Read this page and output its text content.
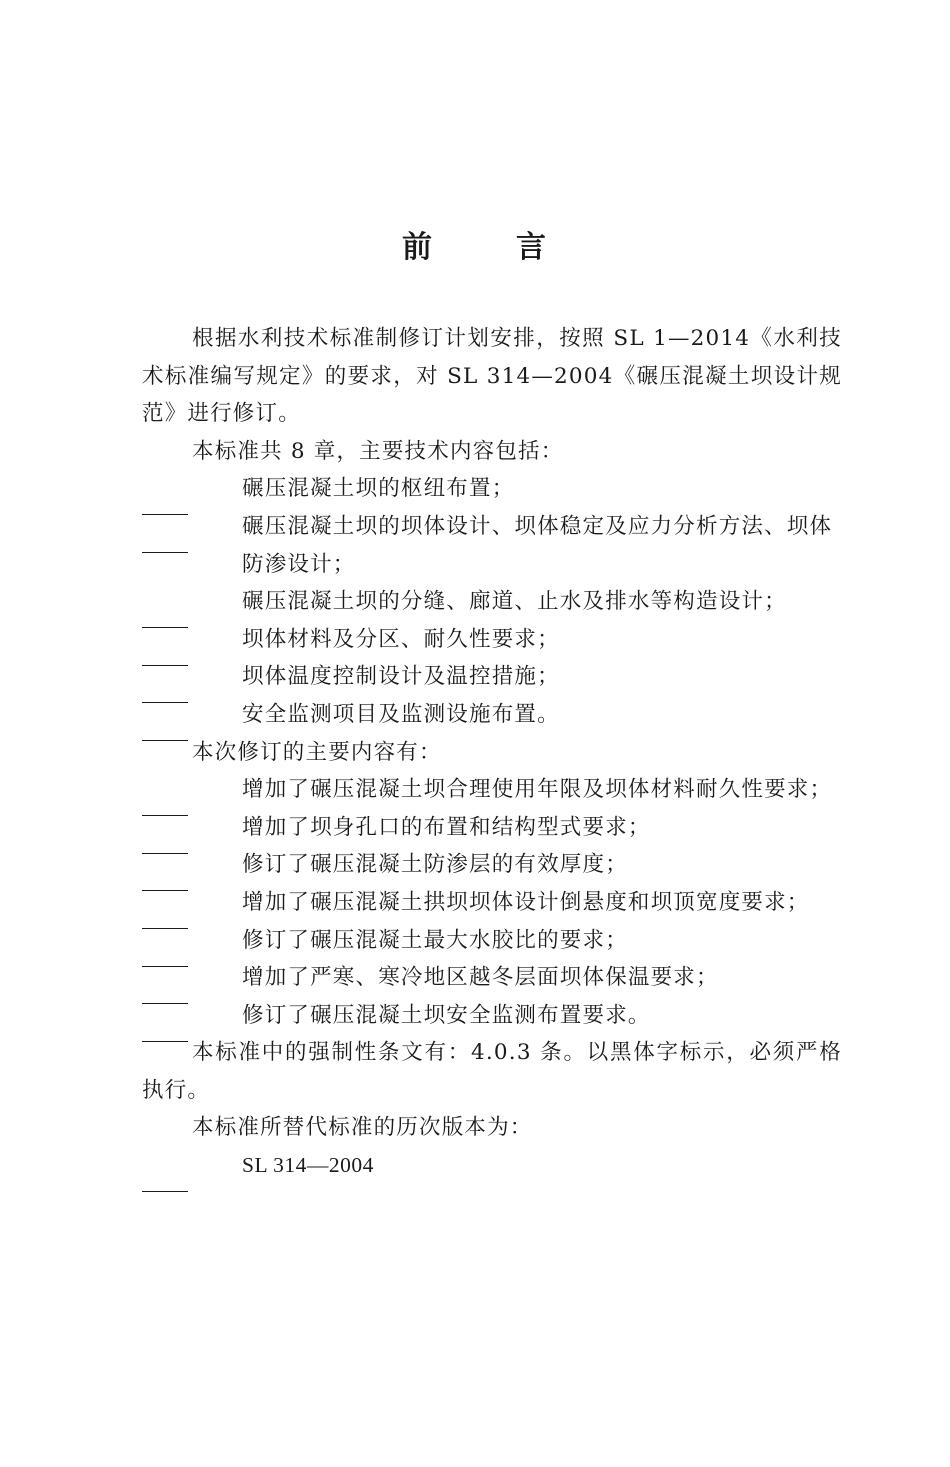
前	言

根据水利技术标准制修订计划安排，按照 SL 1—2014《水利技术标准编写规定》的要求，对 SL 314—2004《碾压混凝土坝设计规范》进行修订。

本标准共 8 章，主要技术内容包括：

碾压混凝土坝的枢纽布置；

碾压混凝土坝的坝体设计、坝体稳定及应力分析方法、坝体防渗设计；

碾压混凝土坝的分缝、廊道、止水及排水等构造设计；

坝体材料及分区、耐久性要求；

坝体温度控制设计及温控措施；

安全监测项目及监测设施布置。

本次修订的主要内容有：

增加了碾压混凝土坝合理使用年限及坝体材料耐久性要求；

增加了坝身孔口的布置和结构型式要求；

修订了碾压混凝土防渗层的有效厚度；

增加了碾压混凝土拱坝坝体设计倒悬度和坝顶宽度要求；

修订了碾压混凝土最大水胶比的要求；

增加了严寒、寒冷地区越冬层面坝体保温要求；

修订了碾压混凝土坝安全监测布置要求。

本标准中的强制性条文有：4.0.3 条。以黑体字标示，必须严格执行。

本标准所替代标准的历次版本为：

SL 314—2004
